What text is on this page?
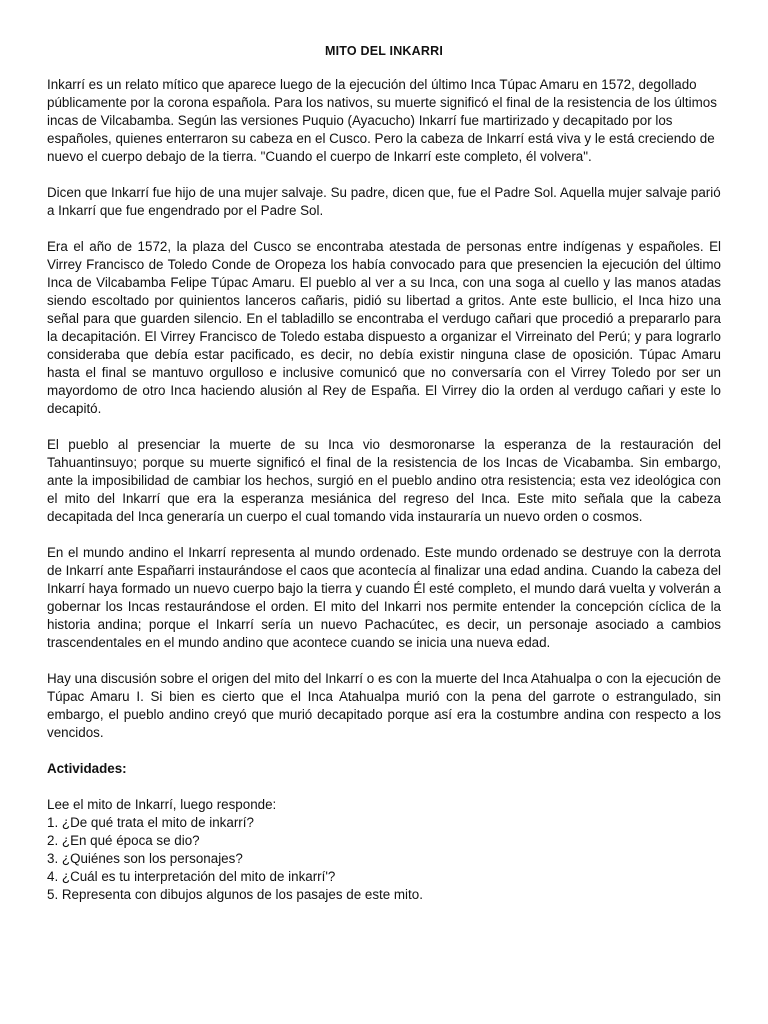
MITO DEL INKARRI

Inkarrí es un relato mítico que aparece luego de la ejecución del último Inca Túpac Amaru en 1572, degollado públicamente por la corona española. Para los nativos, su muerte significó el final de la resistencia de los últimos incas de Vilcabamba. Según las versiones Puquio (Ayacucho) Inkarrí fue martirizado y decapitado por los españoles, quienes enterraron su cabeza en el Cusco. Pero la cabeza de Inkarrí está viva y le está creciendo de nuevo el cuerpo debajo de la tierra. "Cuando el cuerpo de Inkarrí este completo, él volvera".

Dicen que Inkarrí fue hijo de una mujer salvaje. Su padre, dicen que, fue el Padre Sol. Aquella mujer salvaje parió a Inkarrí que fue engendrado por el Padre Sol.

Era el año de 1572, la plaza del Cusco se encontraba atestada de personas entre indígenas y españoles. El Virrey Francisco de Toledo Conde de Oropeza los había convocado para que presencien la ejecución del último Inca de Vilcabamba Felipe Túpac Amaru. El pueblo al ver a su Inca, con una soga al cuello y las manos atadas siendo escoltado por quinientos lanceros cañaris, pidió su libertad a gritos. Ante este bullicio, el Inca hizo una señal para que guarden silencio. En el tabladillo se encontraba el verdugo cañari que procedió a prepararlo para la decapitación. El Virrey Francisco de Toledo estaba dispuesto a organizar el Virreinato del Perú; y para lograrlo consideraba que debía estar pacificado, es decir, no debía existir ninguna clase de oposición. Túpac Amaru hasta el final se mantuvo orgulloso e inclusive comunicó que no conversaría con el Virrey Toledo por ser un mayordomo de otro Inca haciendo alusión al Rey de España. El Virrey dio la orden al verdugo cañari y este lo decapitó.

El pueblo al presenciar la muerte de su Inca vio desmoronarse la esperanza de la restauración del Tahuantinsuyo; porque su muerte significó el final de la resistencia de los Incas de Vicabamba. Sin embargo, ante la imposibilidad de cambiar los hechos, surgió en el pueblo andino otra resistencia; esta vez ideológica con el mito del Inkarrí que era la esperanza mesiánica del regreso del Inca. Este mito señala que la cabeza decapitada del Inca generaría un cuerpo el cual tomando vida instauraría un nuevo orden o cosmos.

En el mundo andino el Inkarrí representa al mundo ordenado. Este mundo ordenado se destruye con la derrota de Inkarrí ante Españarri instaurándose el caos que acontecía al finalizar una edad andina. Cuando la cabeza del Inkarrí haya formado un nuevo cuerpo bajo la tierra y cuando Él esté completo, el mundo dará vuelta y volverán a gobernar los Incas restaurándose el orden. El mito del Inkarri nos permite entender la concepción cíclica de la historia andina; porque el Inkarrí sería un nuevo Pachacútec, es decir, un personaje asociado a cambios trascendentales en el mundo andino que acontece cuando se inicia una nueva edad.

Hay una discusión sobre el origen del mito del Inkarrí o es con la muerte del Inca Atahualpa o con la ejecución de Túpac Amaru I. Si bien es cierto que el Inca Atahualpa murió con la pena del garrote o estrangulado, sin embargo, el pueblo andino creyó que murió decapitado porque así era la costumbre andina con respecto a los vencidos.

Actividades:

Lee el mito de Inkarrí, luego responde:

1. ¿De qué trata el mito de inkarrí?
2. ¿En qué época se dio?
3. ¿Quiénes son los personajes?
4. ¿Cuál es tu interpretación del mito de inkarrí'?
5. Representa con dibujos algunos de los pasajes de este mito.
